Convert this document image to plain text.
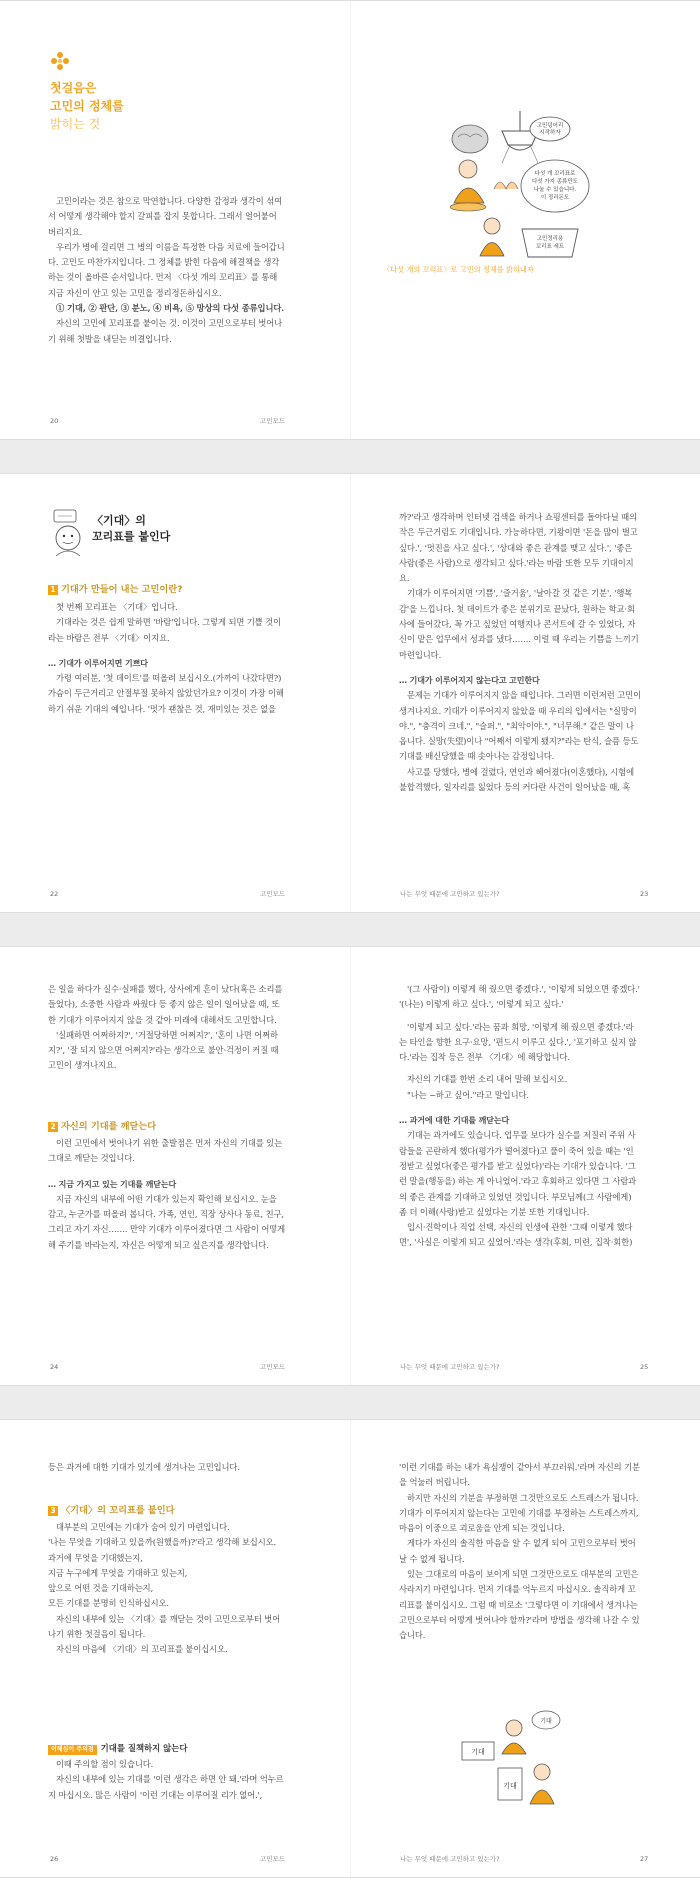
첫걸음은
고민의 정체를
밝히는 것

고민이라는 것은 참으로 막연합니다. 다양한 감정과 생각이 섞여서 어떻게 생각해야 할지 갈피를 잡지 못합니다. 그래서 얼어붙어 버리지요.

우리가 병에 걸리면 그 병의 이름을 특정한 다음 치료에 들어갑니다. 고민도 마찬가지입니다. 그 정체를 밝힌 다음에 해결책을 생각하는 것이 올바른 순서입니다. 먼저 〈다섯 개의 꼬리표〉를 통해 지금 자신이 안고 있는 고민을 정리정돈하십시오.

① 기대, ② 판단, ③ 분노, ④ 비욕, ⑤ 망상의 다섯 종류입니다.

자신의 고민에 꼬리표를 붙이는 것. 이것이 고민으로부터 벗어나기 위해 첫발을 내딛는 비결입니다.

20	고민모드
고민덩어리
시작하자
다섯 개 꼬리표로
다섯 가지 종류만도
나눌 수 있습니다.
이 정리돈도
고민정리용
꼬리표 세트
〈다섯 개의 꼬리표〉로 고민의 정체를 밝혀내자
〈기대〉의
꼬리표를 붙인다
1 기대가 만들어 내는 고민이란?

첫 번째 꼬리표는 〈기대〉입니다.

기대라는 것은 쉽게 말하면 '바람'입니다. 그렇게 되면 기쁠 것이라는 바람은 전부 〈기대〉이지요.

… 기대가 이루어지면 기쁘다

가령 여러분, '첫 데이트'를 떠올려 보십시오.(가까이 나갔다면?) 가슴이 두근거리고 안절부절 못하지 않았던가요? 이것이 가장 이해하기 쉬운 기대의 예입니다. '멋가 괜찮은 것, 재미있는 것은 없을

22	고민모드

까?'라고 생각하며 인터넷 검색을 하거나 쇼핑센터를 돌아다닐 때의 작은 두근거림도 기대입니다. 가능하다면, 기왕이면 '돈을 많이 벌고 싶다.', '멋진을 사고 싶다.', '상대와 좋은 관계를 맺고 싶다.', '좋은 사람(좋은 사람)으로 생각되고 싶다.'라는 바람 또한 모두 기대이지요.

기대가 이루어지면 '기쁨', '즐거움', '날아갈 것 같은 기분', '행복감'을 느낍니다. 첫 데이트가 좋은 분위기로 끝났다, 원하는 학교·회사에 들어갔다, 꼭 가고 싶었던 여행지나 콘서트에 갈 수 있었다, 자신이 맡은 업무에서 성과를 냈다……. 이럴 때 우리는 기쁨을 느끼기 마련입니다.

… 기대가 이루어지지 않는다고 고민한다

문제는 기대가 이루어지지 않을 때입니다. 그러면 이런저런 고민이 생겨나지요. 기대가 이루어지지 않았을 때 우리의 입에서는 "실망이야.", "충격이 크네.", "슬퍼.", "최악이야.", "너무해." 같은 말이 나옵니다. 실망(失望)이나 "어째서 이렇게 됐지?"라는 탄식, 슬픔 등도 기대를 배신당했을 때 솟아나는 감정입니다.

사고를 당했다, 병에 걸렸다, 연인과 헤어졌다(이혼했다), 시험에 불합격했다, 일자리를 잃었다 등의 커다란 사건이 일어났을 때, 혹

나는 무엇 때문에 고민하고 있는가?	23

은 일을 하다가 실수·실패를 했다, 상사에게 혼이 났다(혹은 소리를 들었다), 소중한 사람과 싸웠다 등 좋지 않은 일이 일어났을 때, 또한 기대가 이루어지지 않을 것 같아 미래에 대해서도 고민합니다.

'실패하면 어쩌하지?', '거절당하면 어쩌지?', '혼이 나면 어쩌하지?', '잘 되지 않으면 어쩌지?'라는 생각으로 불안·걱정이 커질 때 고민이 생겨나지요.

2 자신의 기대를 깨닫는다

이런 고민에서 벗어나기 위한 출발점은 먼저 자신의 기대를 있는 그대로 깨닫는 것입니다.

… 지금 가지고 있는 기대를 깨닫는다

지금 자신의 내부에 어떤 기대가 있는지 확인해 보십시오. 눈을 감고, 누군가를 떠올려 봅니다. 가족, 연인, 직장 상사나 동료, 친구, 그리고 자기 자신……. 만약 기대가 이루어졌다면 그 사람이 어떻게 해 주기를 바라는지, 자신은 어떻게 되고 싶은지를 생각합니다.

24	고민모드

'(그 사람이) 이렇게 해 줬으면 좋겠다.', '이렇게 되었으면 좋겠다.' '(나는) 이렇게 하고 싶다.', '이렇게 되고 싶다.'

'이렇게 되고 싶다.'라는 꿈과 희망, '이렇게 해 줬으면 좋겠다.'라는 타인을 향한 요구·요망, '편드시 이루고 싶다.', '포기하고 싶지 않다.'라는 집착 등은 전부 〈기대〉에 해당합니다.

자신의 기대를 한번 소리 내어 말해 보십시오.

"나는 ~하고 싶어."라고 말입니다.

… 과거에 대한 기대를 깨닫는다

기대는 과거에도 있습니다. 업무를 보다가 실수를 저질러 주위 사람들을 곤란하게 했다(평가가 떨어졌다)고 풀이 죽어 있을 때는 '인정받고 싶었다(좋은 평가를 받고 싶었다)'라는 기대가 있습니다. '그런 말을(행동을) 하는 게 아니었어.'라고 후회하고 있다면 그 사람과의 좋은 관계를 기대하고 있었던 것입니다. 부모님께(그 사람에게) 좀 더 이해(사랑)받고 싶었다는 기분 또한 기대입니다.

입시·진학이나 직업 선택, 자신의 인생에 관한 '그때 이렇게 했다면', '사실은 이렇게 되고 싶었어.'라는 생각(후회, 미련, 집착·회한)

나는 무엇 때문에 고민하고 있는가?	25

등은 과거에 대한 기대가 있기에 생겨나는 고민입니다.

3 〈기대〉의 꼬리표를 붙인다

대부분의 고민에는 기대가 숨어 있기 마련입니다.

'나는 무엇을 기대하고 있을까(원했을까)?'라고 생각해 보십시오.

과거에 무엇을 기대했는지,

지금 누구에게 무엇을 기대하고 있는지,

앞으로 어떤 것을 기대하는지,

모든 기대를 분명히 인식하십시오.

자신의 내부에 있는 〈기대〉를 깨닫는 것이 고민으로부터 벗어나기 위한 첫걸음이 됩니다.

자신의 마음에 〈기대〉의 꼬리표를 붙이십시오.

이해심이 주의점 기대를 질책하지 않는다

이때 주의할 점이 있습니다.

자신의 내부에 있는 기대를 '이런 생각은 하면 안 돼.'라며 억누르지 마십시오. 많은 사람이 '이런 기대는 이루어질 리가 없어.',

26	고민모드

'이런 기대를 하는 내가 욕심쟁이 같아서 부끄러워.'라며 자신의 기분을 억눌러 버립니다.

하지만 자신의 기분을 부정하면 그것만으로도 스트레스가 됩니다. 기대가 이루어지지 않는다는 고민에 기대를 부정하는 스트레스까지, 마음이 이중으로 괴로움을 안게 되는 것입니다.

게다가 자신의 솔직한 마음을 알 수 없게 되어 고민으로부터 벗어날 수 없게 됩니다.

있는 그대로의 마음이 보이게 되면 그것만으로도 대부분의 고민은 사라지기 마련입니다. 먼저 기대를 억누르지 마십시오. 솔직하게 꼬리표를 붙이십시오. 그럼 때 비로소 '그렇다면 이 기대에서 생겨나는 고민으로부터 어떻게 벗어나야 할까?'라며 방법을 생각해 나갈 수 있습니다.

기대
기대
기대
나는 무엇 때문에 고민하고 있는가?	27
